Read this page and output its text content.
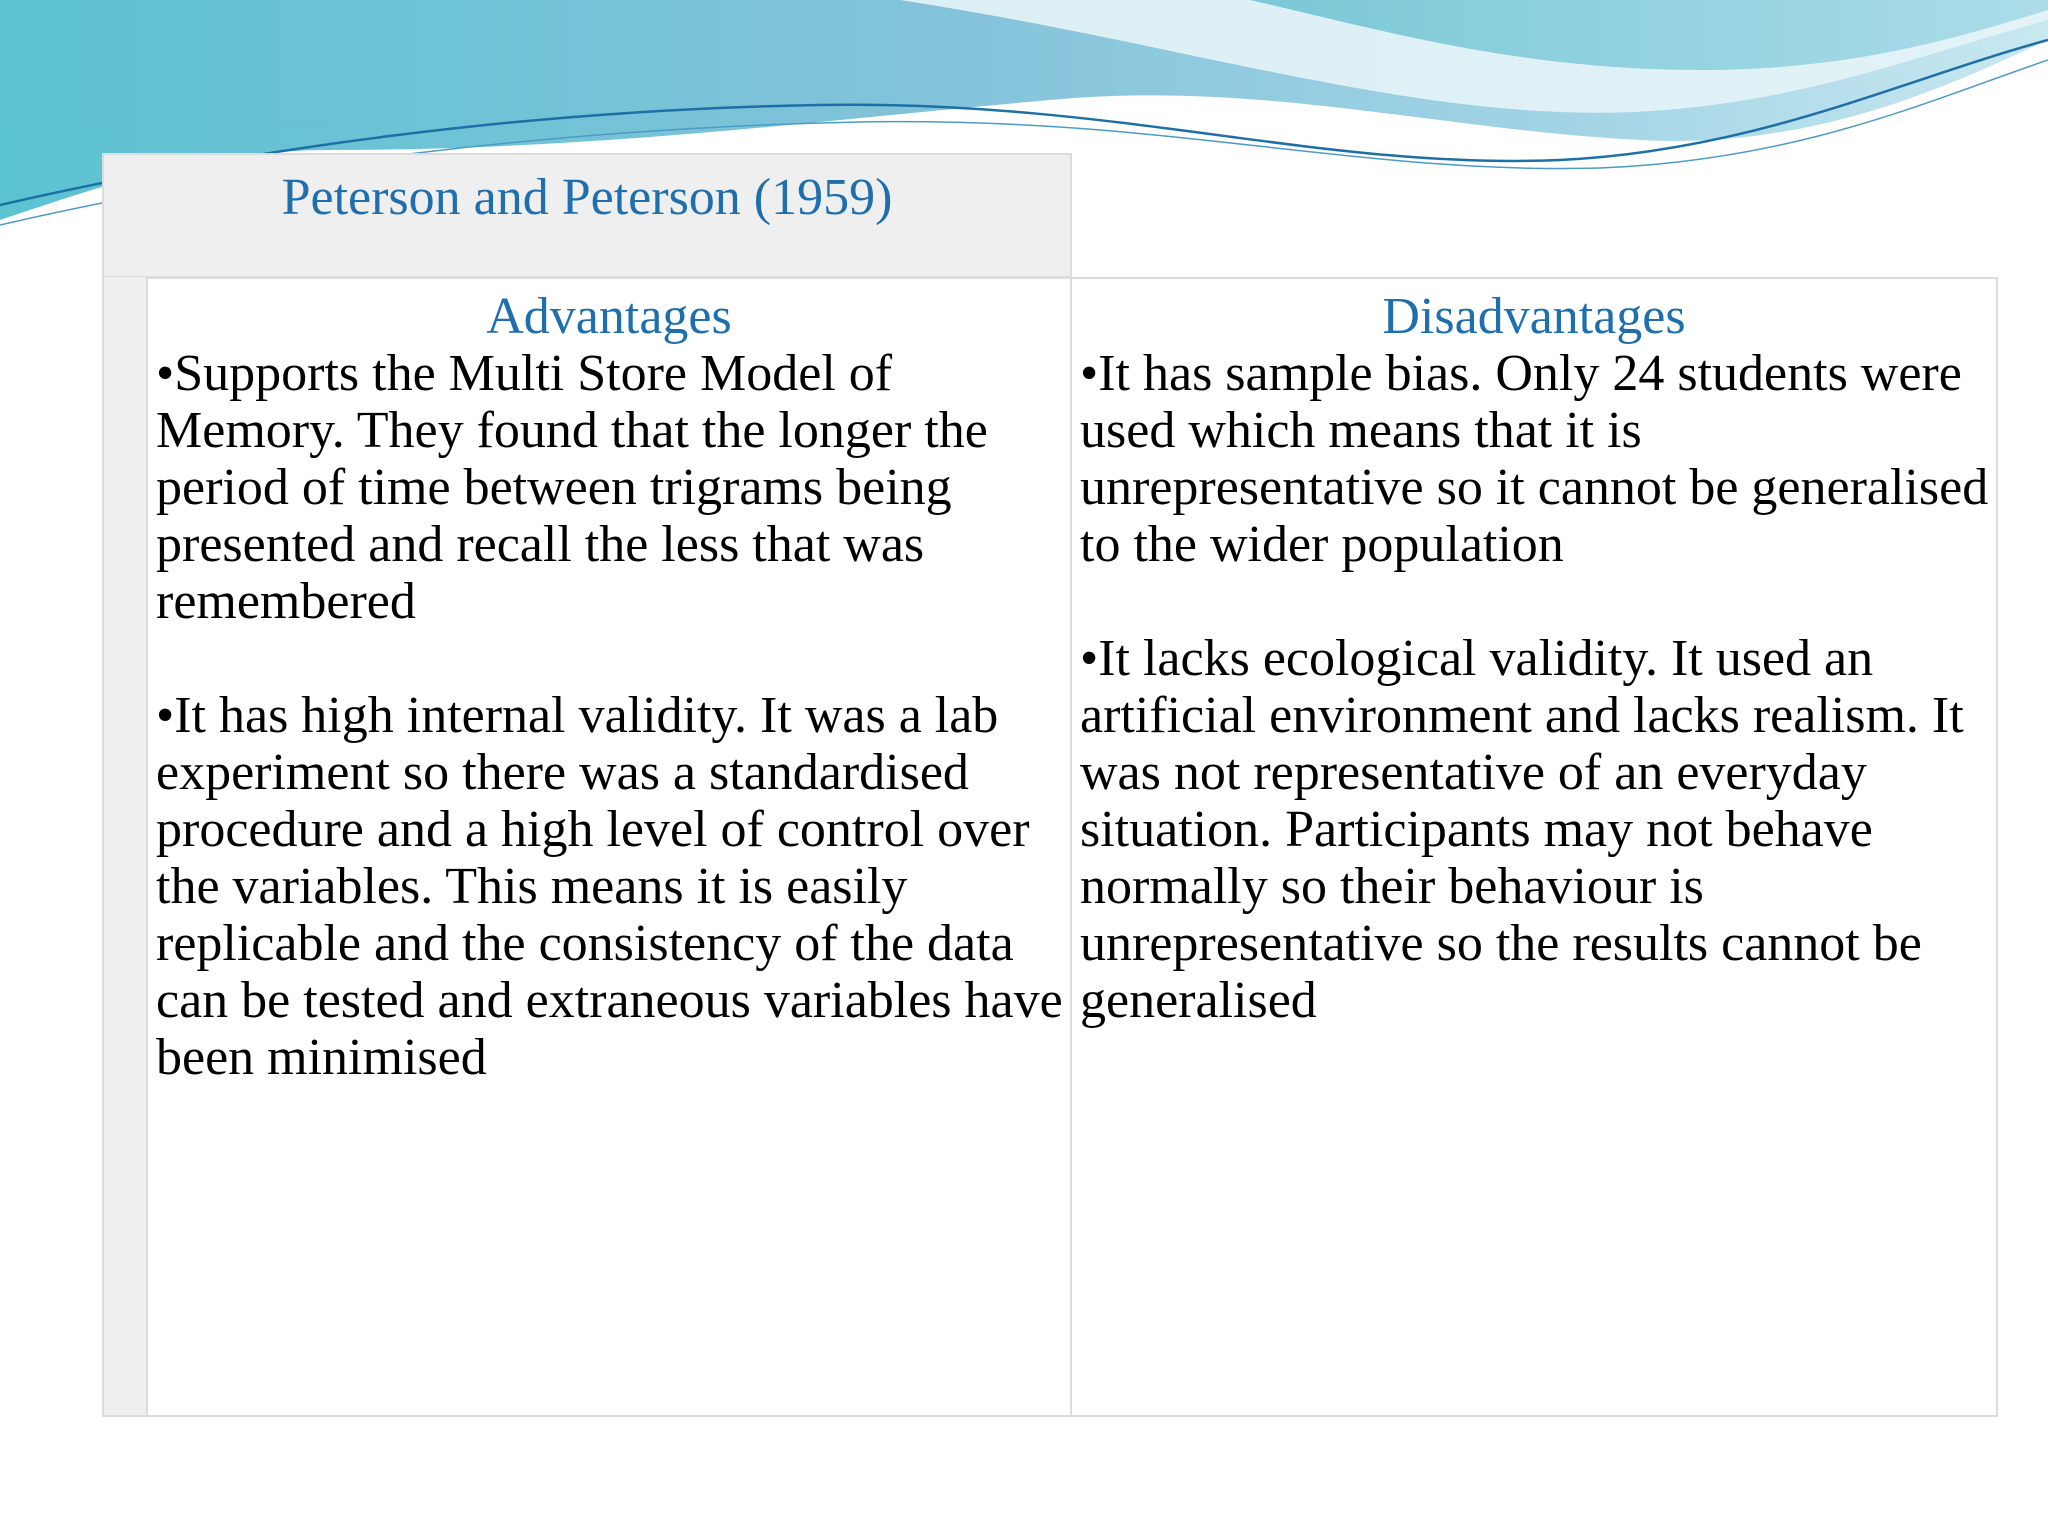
Peterson and Peterson (1959)
Advantages

• Supports the Multi Store Model of Memory. They found that the longer the period of time between trigrams being presented and recall the less that was remembered

• It has high internal validity. It was a lab experiment so there was a standardised procedure and a high level of control over the variables. This means it is easily replicable and the consistency of the data can be tested and extraneous variables have been minimised

Disadvantages

• It has sample bias. Only 24 students were used which means that it is unrepresentative so it cannot be generalised to the wider population

• It lacks ecological validity. It used an artificial environment and lacks realism. It was not representative of an everyday situation. Participants may not behave normally so their behaviour is unrepresentative so the results cannot be generalised
